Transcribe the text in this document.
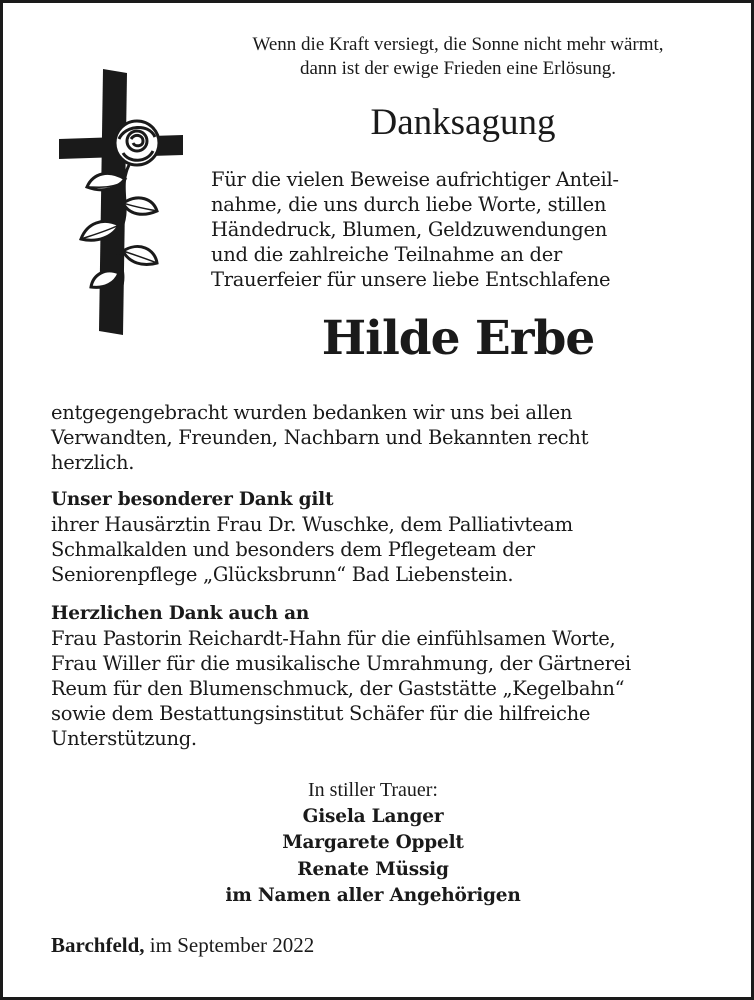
Wenn die Kraft versiegt, die Sonne nicht mehr wärmt,
dann ist der ewige Frieden eine Erlösung.
Danksagung
Für die vielen Beweise aufrichtiger Anteil-
nahme, die uns durch liebe Worte, stillen
Händedruck, Blumen, Geldzuwendungen
und die zahlreiche Teilnahme an der
Trauerfeier für unsere liebe Entschlafene
Hilde Erbe
entgegengebracht wurden bedanken wir uns bei allen
Verwandten, Freunden, Nachbarn und Bekannten recht
herzlich.
Unser besonderer Dank gilt
ihrer Hausärztin Frau Dr. Wuschke, dem Palliativteam
Schmalkalden und besonders dem Pflegeteam der
Seniorenpflege „Glücksbrunn“ Bad Liebenstein.
Herzlichen Dank auch an
Frau Pastorin Reichardt-Hahn für die einfühlsamen Worte,
Frau Willer für die musikalische Umrahmung, der Gärtnerei
Reum für den Blumenschmuck, der Gaststätte „Kegelbahn“
sowie dem Bestattungsinstitut Schäfer für die hilfreiche
Unterstützung.
In stiller Trauer:
Gisela Langer
Margarete Oppelt
Renate Müssig
im Namen aller Angehörigen
Barchfeld, im September 2022
